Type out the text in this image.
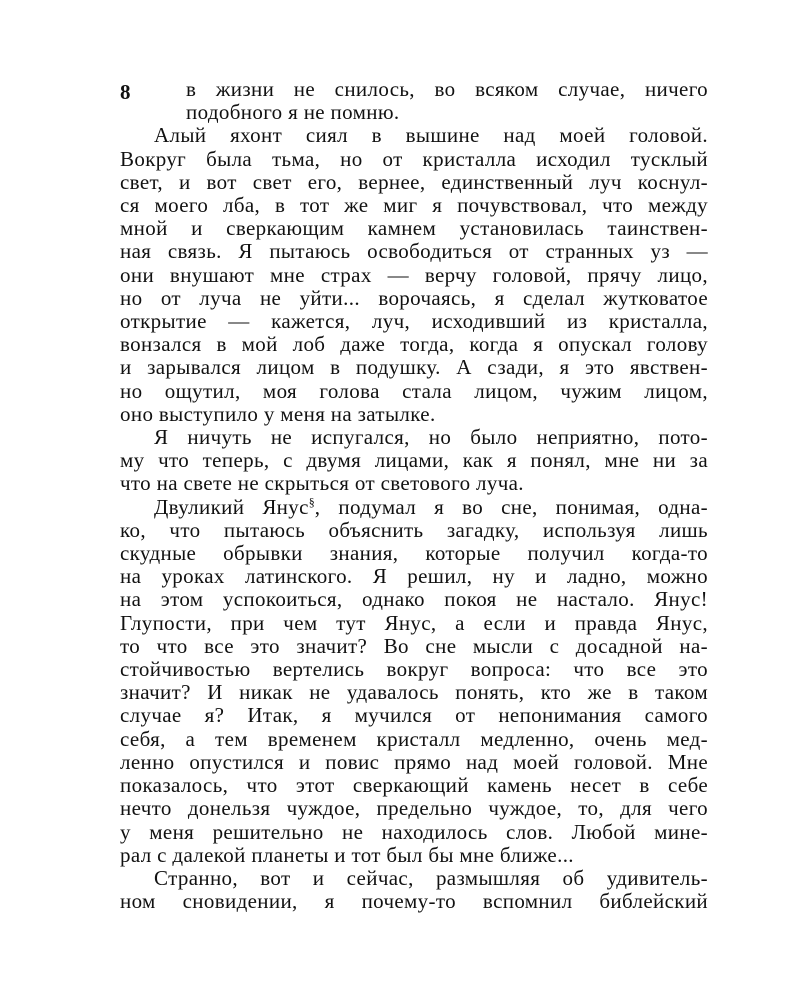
8	в жизни не снилось, во всяком случае, ничего
подобного я не помню.
Алый яхонт сиял в вышине над моей головой.
Вокруг была тьма, но от кристалла исходил тусклый
свет, и вот свет его, вернее, единственный луч коснул-
ся моего лба, в тот же миг я почувствовал, что между
мной и сверкающим камнем установилась таинствен-
ная связь. Я пытаюсь освободиться от странных уз —
они внушают мне страх — верчу головой, прячу лицо,
но от луча не уйти... ворочаясь, я сделал жутковатое
открытие — кажется, луч, исходивший из кристалла,
вонзался в мой лоб даже тогда, когда я опускал голову
и зарывался лицом в подушку. А сзади, я это явствен-
но ощутил, моя голова стала лицом, чужим лицом,
оно выступило у меня на затылке.
Я ничуть не испугался, но было неприятно, пото-
му что теперь, с двумя лицами, как я понял, мне ни за
что на свете не скрыться от светового луча.
Двуликий Янус§, подумал я во сне, понимая, одна-
ко, что пытаюсь объяснить загадку, используя лишь
скудные обрывки знания, которые получил когда-то
на уроках латинского. Я решил, ну и ладно, можно
на этом успокоиться, однако покоя не настало. Янус!
Глупости, при чем тут Янус, а если и правда Янус,
то что все это значит? Во сне мысли с досадной на-
стойчивостью вертелись вокруг вопроса: что все это
значит? И никак не удавалось понять, кто же в таком
случае я? Итак, я мучился от непонимания самого
себя, а тем временем кристалл медленно, очень мед-
ленно опустился и повис прямо над моей головой. Мне
показалось, что этот сверкающий камень несет в себе
нечто донельзя чуждое, предельно чуждое, то, для чего
у меня решительно не находилось слов. Любой мине-
рал с далекой планеты и тот был бы мне ближе...
Странно, вот и сейчас, размышляя об удивитель-
ном сновидении, я почему-то вспомнил библейский
